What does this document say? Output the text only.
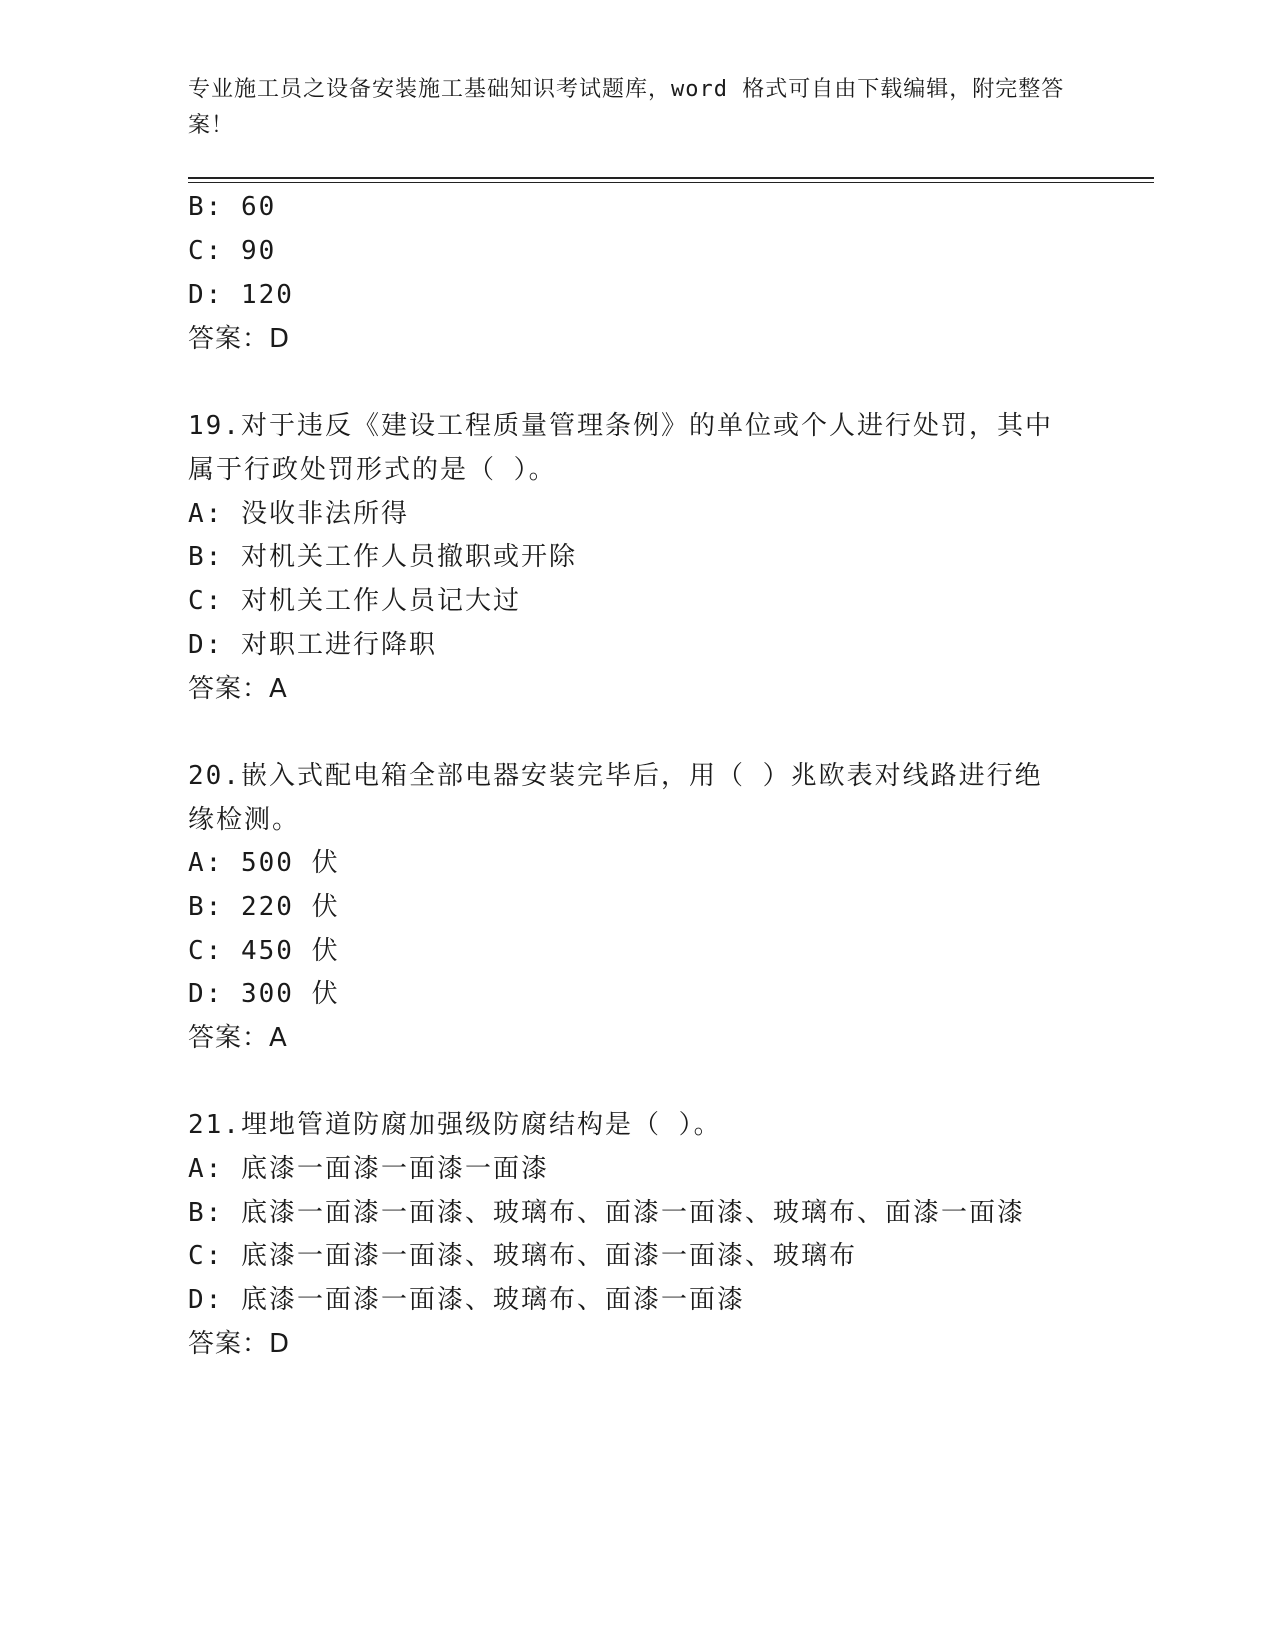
专业施工员之设备安装施工基础知识考试题库，word 格式可自由下载编辑，附完整答案！
B: 60
C: 90
D: 120
答案：D
19.对于违反《建设工程质量管理条例》的单位或个人进行处罚，其中
属于行政处罚形式的是（ ）。
A: 没收非法所得
B: 对机关工作人员撤职或开除
C: 对机关工作人员记大过
D: 对职工进行降职
答案：A
20.嵌入式配电箱全部电器安装完毕后，用（ ）兆欧表对线路进行绝
缘检测。
A: 500 伏
B: 220 伏
C: 450 伏
D: 300 伏
答案：A
21.埋地管道防腐加强级防腐结构是（ ）。
A: 底漆一面漆一面漆一面漆
B: 底漆一面漆一面漆、玻璃布、面漆一面漆、玻璃布、面漆一面漆
C: 底漆一面漆一面漆、玻璃布、面漆一面漆、玻璃布
D: 底漆一面漆一面漆、玻璃布、面漆一面漆
答案：D
